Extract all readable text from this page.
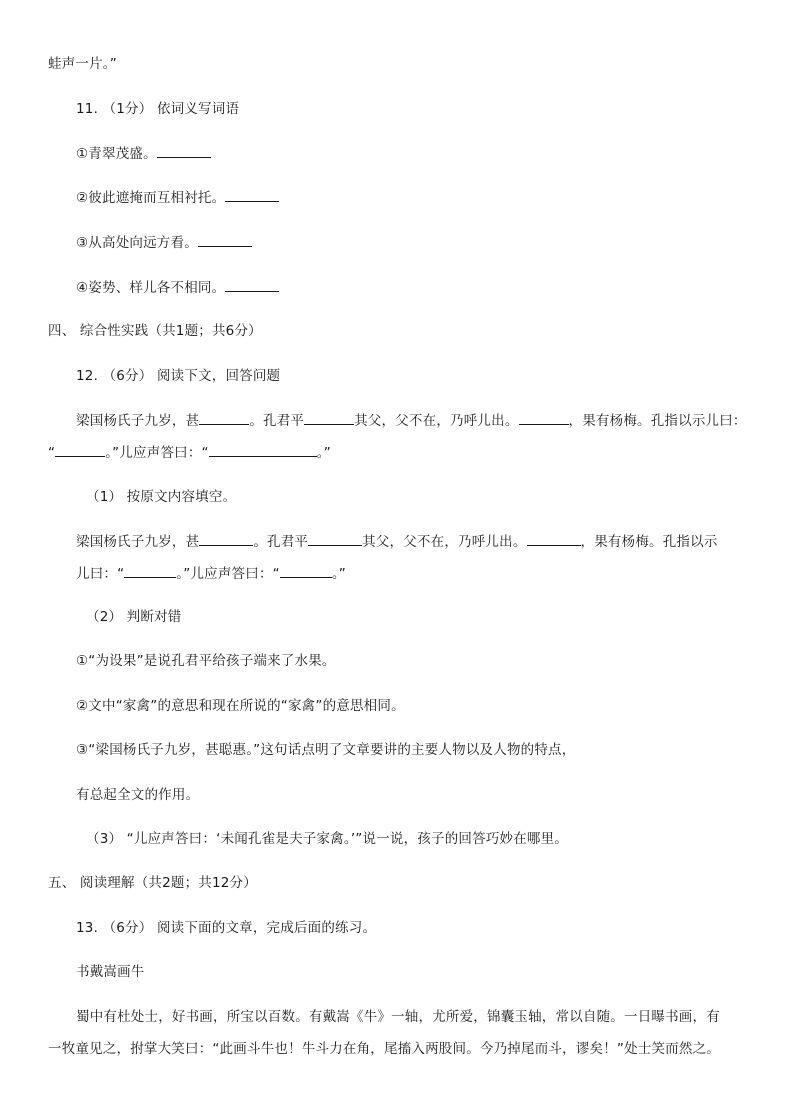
蛙声一片。”
11. （1分） 依词义写词语
①青翠茂盛。
②彼此遮掩而互相衬托。
③从高处向远方看。
④姿势、样儿各不相同。
四、 综合性实践（共1题；共6分）
12. （6分） 阅读下文，回答问题
梁国杨氏子九岁，甚	。孔君平	其父，父不在，乃呼儿出。	，果有杨梅。孔指以示儿曰：
“	。”儿应声答曰：“	。”
（1） 按原文内容填空。
梁国杨氏子九岁，甚	。孔君平	其父，父不在，乃呼儿出。	，果有杨梅。孔指以示
儿曰：“	。”儿应声答曰：“	。”
（2） 判断对错
①“为设果”是说孔君平给孩子端来了水果。
②文中“家禽”的意思和现在所说的“家禽”的意思相同。
③“梁国杨氏子九岁，甚聪惠。”这句话点明了文章要讲的主要人物以及人物的特点，
有总起全文的作用。
（3） “儿应声答曰：‘未闻孔雀是夫子家禽。’”说一说，孩子的回答巧妙在哪里。
五、 阅读理解（共2题；共12分）
13. （6分） 阅读下面的文章，完成后面的练习。
书戴嵩画牛
蜀中有杜处士，好书画，所宝以百数。有戴嵩《牛》一轴，尤所爱，锦囊玉轴，常以自随。一日曝书画，有
一牧童见之，拊掌大笑曰：“此画斗牛也！牛斗力在角，尾搐入两股间。今乃掉尾而斗，谬矣！”处士笑而然之。
